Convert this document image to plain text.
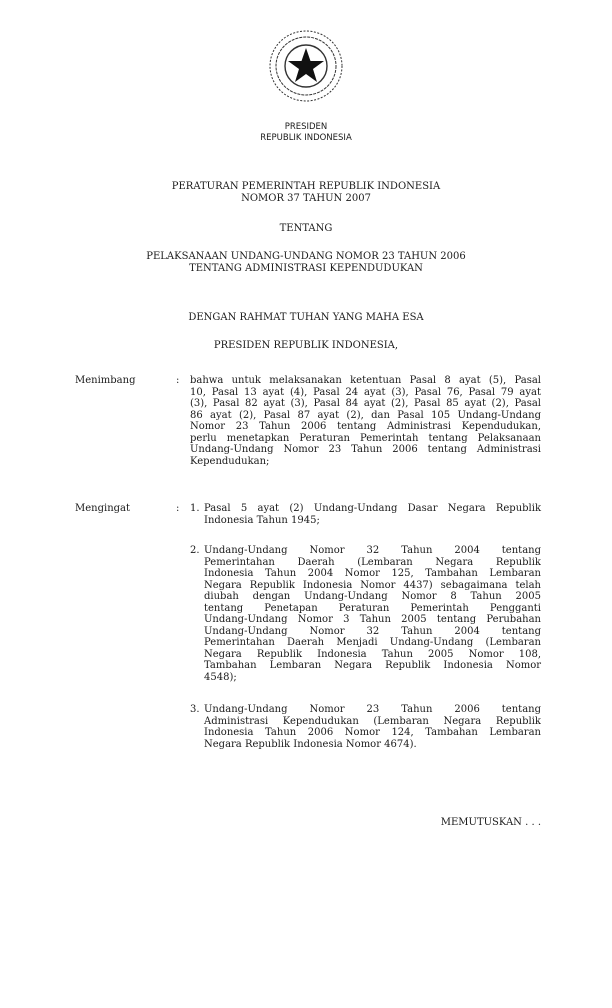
PRESIDEN
REPUBLIK INDONESIA
PERATURAN PEMERINTAH REPUBLIK INDONESIA
NOMOR 37 TAHUN 2007
TENTANG
PELAKSANAAN UNDANG-UNDANG NOMOR 23 TAHUN 2006
TENTANG ADMINISTRASI KEPENDUDUKAN
DENGAN RAHMAT TUHAN YANG MAHA ESA
PRESIDEN REPUBLIK INDONESIA,
Menimbang	: bahwa untuk melaksanakan ketentuan Pasal 8 ayat (5), Pasal
10, Pasal 13 ayat (4), Pasal 24 ayat (3), Pasal 76, Pasal 79 ayat
(3), Pasal 82 ayat (3), Pasal 84 ayat (2), Pasal 85 ayat (2), Pasal
86 ayat (2), Pasal 87 ayat (2), dan Pasal 105 Undang-Undang
Nomor 23 Tahun 2006 tentang Administrasi Kependudukan,
perlu menetapkan Peraturan Pemerintah tentang Pelaksanaan
Undang-Undang Nomor 23 Tahun 2006 tentang Administrasi
Kependudukan;
Mengingat	: 1. Pasal 5 ayat (2) Undang-Undang Dasar Negara Republik
Indonesia Tahun 1945;
2. Undang-Undang Nomor 32 Tahun 2004 tentang
Pemerintahan Daerah (Lembaran Negara Republik
Indonesia Tahun 2004 Nomor 125, Tambahan Lembaran
Negara Republik Indonesia Nomor 4437) sebagaimana telah
diubah dengan Undang-Undang Nomor 8 Tahun 2005
tentang Penetapan Peraturan Pemerintah Pengganti
Undang-Undang Nomor 3 Tahun 2005 tentang Perubahan
Undang-Undang Nomor 32 Tahun 2004 tentang
Pemerintahan Daerah Menjadi Undang-Undang (Lembaran
Negara Republik Indonesia Tahun 2005 Nomor 108,
Tambahan Lembaran Negara Republik Indonesia Nomor
4548);
3. Undang-Undang Nomor 23 Tahun 2006 tentang
Administrasi Kependudukan (Lembaran Negara Republik
Indonesia Tahun 2006 Nomor 124, Tambahan Lembaran
Negara Republik Indonesia Nomor 4674).
MEMUTUSKAN . . .
